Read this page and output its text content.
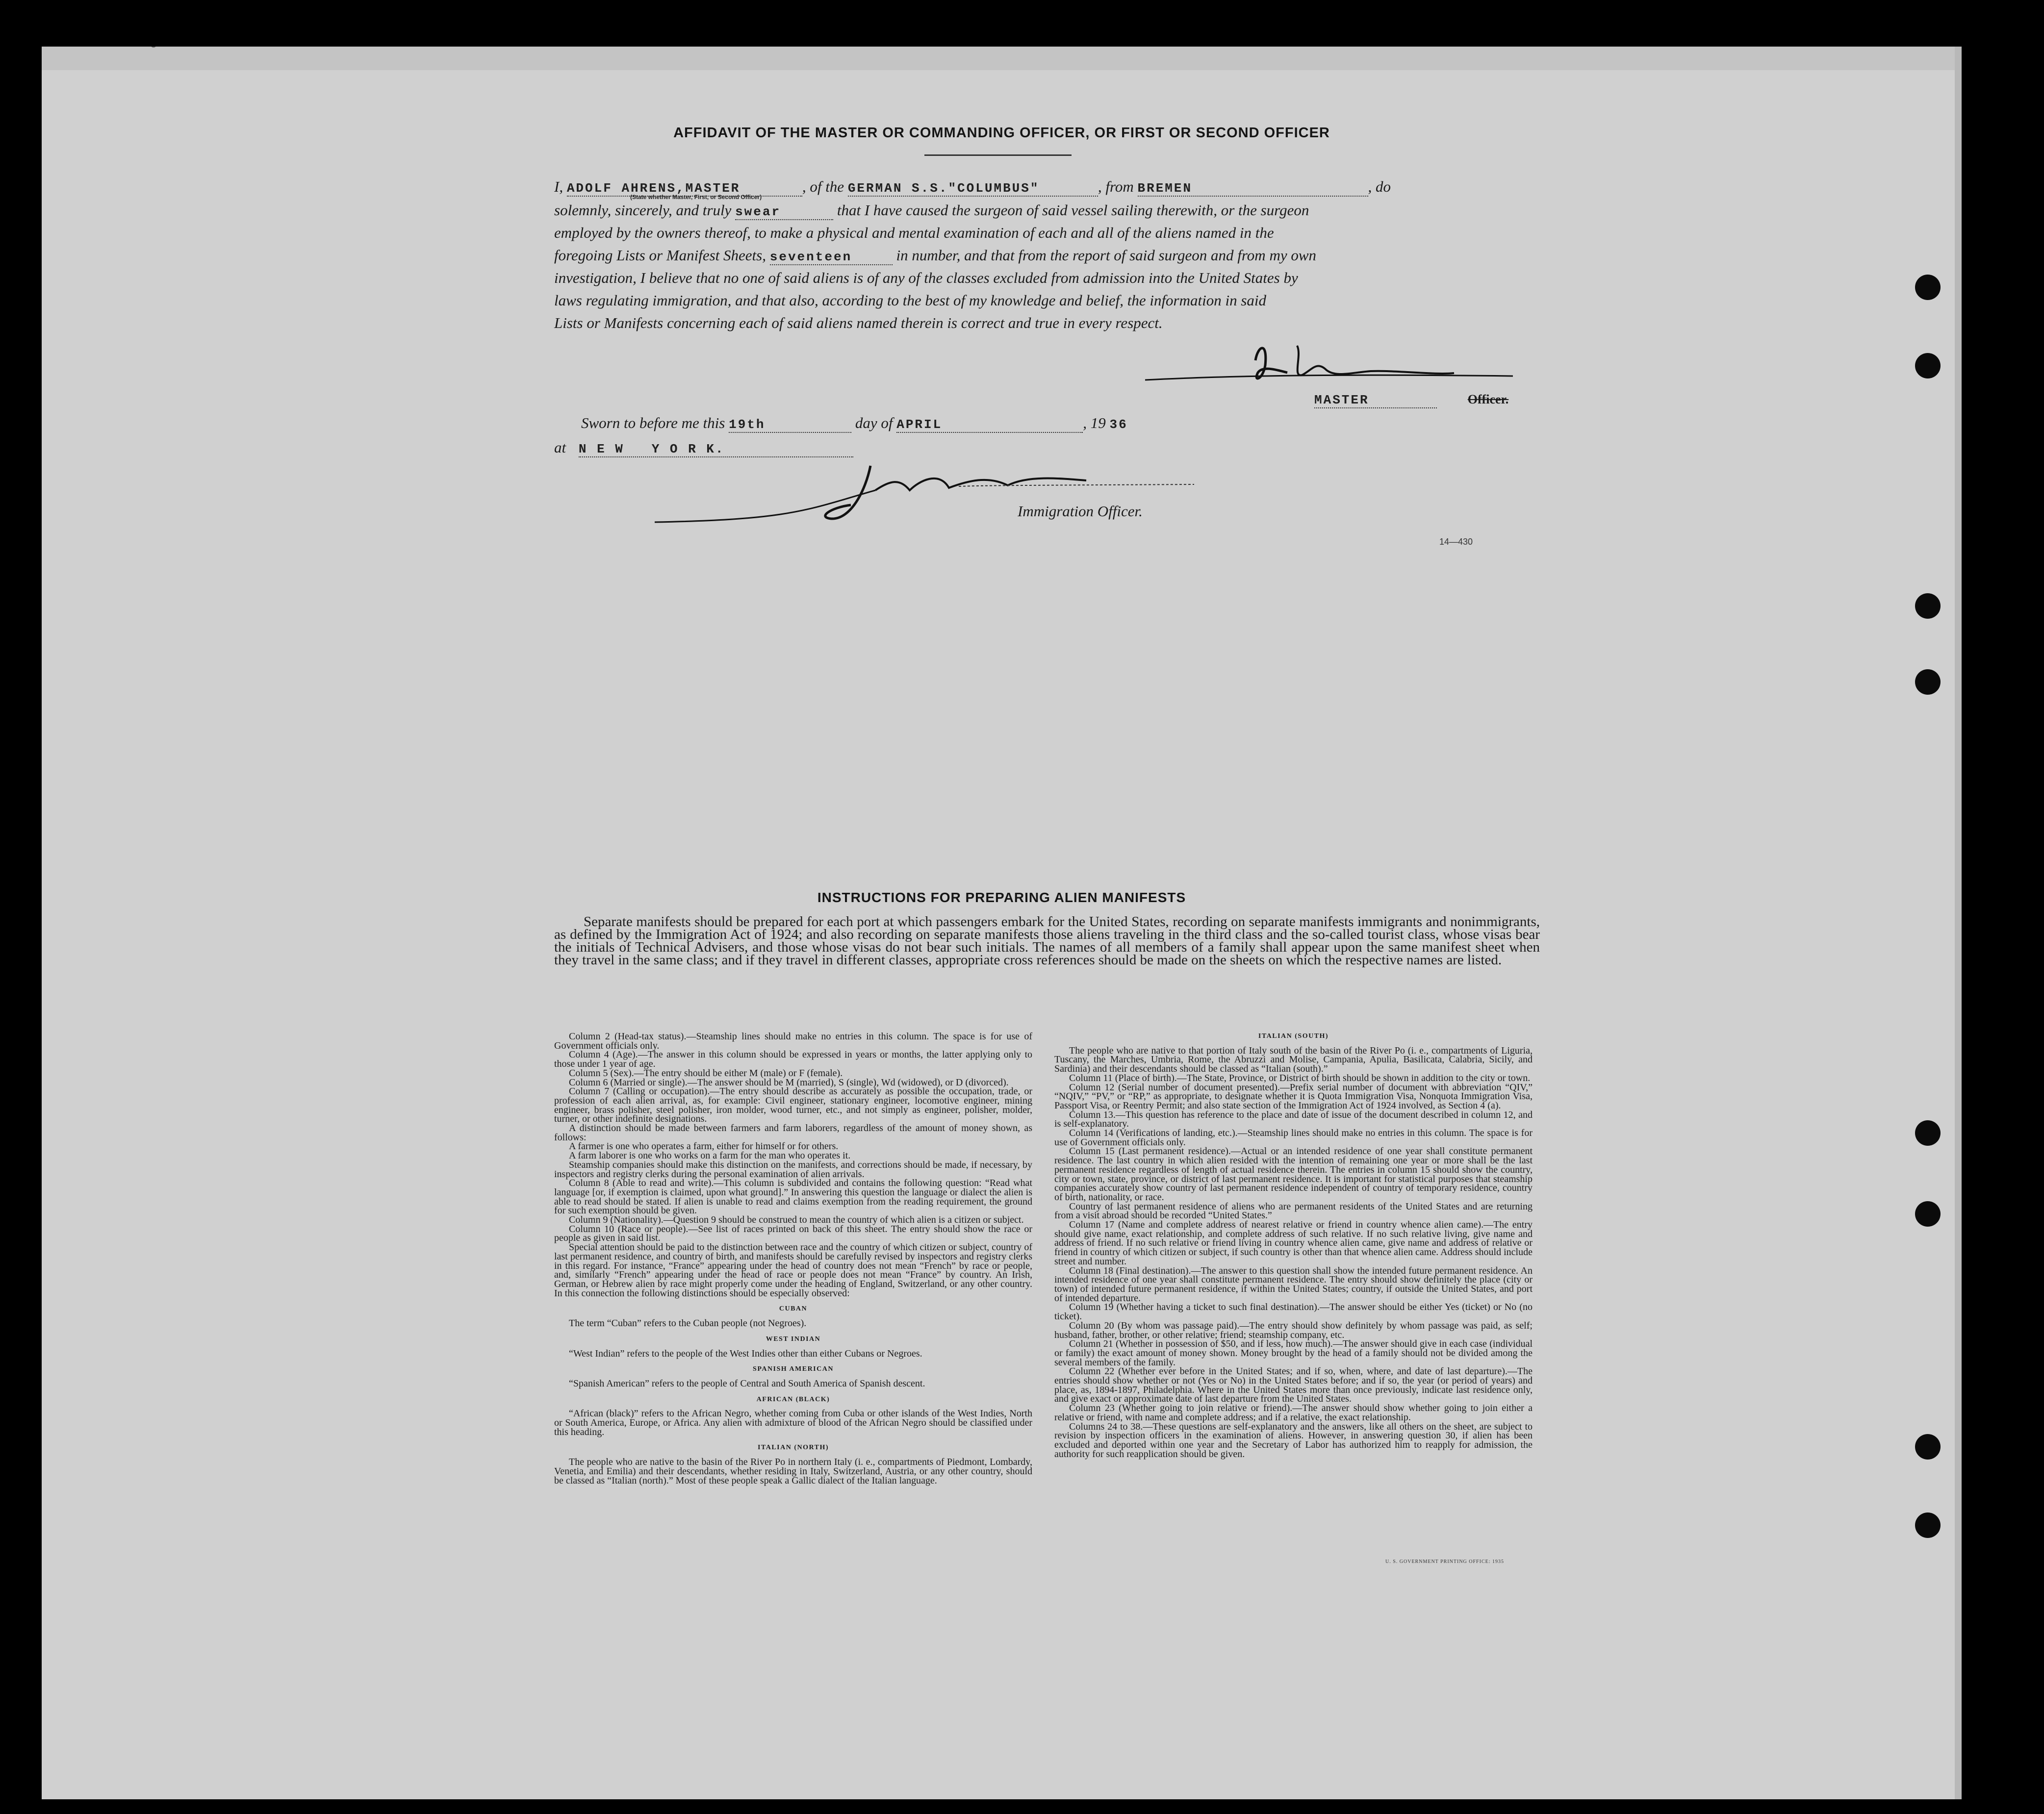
AFFIDAVIT OF THE MASTER OR COMMANDING OFFICER, OR FIRST OR SECOND OFFICER
I, ADOLF AHRENS,MASTER	, of the GERMAN S.S."COLUMBUS"	, from BREMEN	, do
(State whether Master, First, or Second Officer)
solemnly, sincerely, and truly swear	that I have caused the surgeon of said vessel sailing therewith, or the surgeon
employed by the owners thereof, to make a physical and mental examination of each and all of the aliens named in the
foregoing Lists or Manifest Sheets, seventeen	in number, and that from the report of said surgeon and from my own
investigation, I believe that no one of said aliens is of any of the classes excluded from admission into the United States by
laws regulating immigration, and that also, according to the best of my knowledge and belief, the information in said
Lists or Manifests concerning each of said aliens named therein is correct and true in every respect.
MASTER	Officer.
Sworn to before me this 19th	day of APRIL	, 19 36
at N E W   Y O R K.
Immigration Officer.
14—430
INSTRUCTIONS FOR PREPARING ALIEN MANIFESTS
Separate manifests should be prepared for each port at which passengers embark for the United States, recording on separate manifests immigrants and nonimmigrants, as defined by the Immigration Act of 1924; and also recording on separate manifests those aliens traveling in the third class and the so-called tourist class, whose visas bear the initials of Technical Advisers, and those whose visas do not bear such initials. The names of all members of a family shall appear upon the same manifest sheet when they travel in the same class; and if they travel in different classes, appropriate cross references should be made on the sheets on which the respective names are listed.

Column 2 (Head-tax status).—Steamship lines should make no entries in this column. The space is for use of Government officials only.

Column 4 (Age).—The answer in this column should be expressed in years or months, the latter applying only to those under 1 year of age.

Column 5 (Sex).—The entry should be either M (male) or F (female).

Column 6 (Married or single).—The answer should be M (married), S (single), Wd (widowed), or D (divorced).

Column 7 (Calling or occupation).—The entry should describe as accurately as possible the occupation, trade, or profession of each alien arrival, as, for example: Civil engineer, stationary engineer, locomotive engineer, mining engineer, brass polisher, steel polisher, iron molder, wood turner, etc., and not simply as engineer, polisher, molder, turner, or other indefinite designations.

A distinction should be made between farmers and farm laborers, regardless of the amount of money shown, as follows:

A farmer is one who operates a farm, either for himself or for others.

A farm laborer is one who works on a farm for the man who operates it.

Steamship companies should make this distinction on the manifests, and corrections should be made, if necessary, by inspectors and registry clerks during the personal examination of alien arrivals.

Column 8 (Able to read and write).—This column is subdivided and contains the following question: “Read what language [or, if exemption is claimed, upon what ground].” In answering this question the language or dialect the alien is able to read should be stated. If alien is unable to read and claims exemption from the reading requirement, the ground for such exemption should be given.

Column 9 (Nationality).—Question 9 should be construed to mean the country of which alien is a citizen or subject.

Column 10 (Race or people).—See list of races printed on back of this sheet. The entry should show the race or people as given in said list.

Special attention should be paid to the distinction between race and the country of which citizen or subject, country of last permanent residence, and country of birth, and manifests should be carefully revised by inspectors and registry clerks in this regard. For instance, “France” appearing under the head of country does not mean “French” by race or people, and, similarly “French” appearing under the head of race or people does not mean “France” by country. An Irish, German, or Hebrew alien by race might properly come under the heading of England, Switzerland, or any other country. In this connection the following distinctions should be especially observed:

CUBAN

The term “Cuban” refers to the Cuban people (not Negroes).

WEST INDIAN

“West Indian” refers to the people of the West Indies other than either Cubans or Negroes.

SPANISH AMERICAN

“Spanish American” refers to the people of Central and South America of Spanish descent.

AFRICAN (BLACK)

“African (black)” refers to the African Negro, whether coming from Cuba or other islands of the West Indies, North or South America, Europe, or Africa. Any alien with admixture of blood of the African Negro should be classified under this heading.

ITALIAN (NORTH)

The people who are native to the basin of the River Po in northern Italy (i. e., compartments of Piedmont, Lombardy, Venetia, and Emilia) and their descendants, whether residing in Italy, Switzerland, Austria, or any other country, should be classed as “Italian (north).” Most of these people speak a Gallic dialect of the Italian language.

ITALIAN (SOUTH)

The people who are native to that portion of Italy south of the basin of the River Po (i. e., compartments of Liguria, Tuscany, the Marches, Umbria, Rome, the Abruzzi and Molise, Campania, Apulia, Basilicata, Calabria, Sicily, and Sardinia) and their descendants should be classed as “Italian (south).”

Column 11 (Place of birth).—The State, Province, or District of birth should be shown in addition to the city or town.

Column 12 (Serial number of document presented).—Prefix serial number of document with abbreviation “QIV,” “NQIV,” “PV,” or “RP,” as appropriate, to designate whether it is Quota Immigration Visa, Nonquota Immigration Visa, Passport Visa, or Reentry Permit; and also state section of the Immigration Act of 1924 involved, as Section 4 (a).

Column 13.—This question has reference to the place and date of issue of the document described in column 12, and is self-explanatory.

Column 14 (Verifications of landing, etc.).—Steamship lines should make no entries in this column. The space is for use of Government officials only.

Column 15 (Last permanent residence).—Actual or an intended residence of one year shall constitute permanent residence. The last country in which alien resided with the intention of remaining one year or more shall be the last permanent residence regardless of length of actual residence therein. The entries in column 15 should show the country, city or town, state, province, or district of last permanent residence. It is important for statistical purposes that steamship companies accurately show country of last permanent residence independent of country of temporary residence, country of birth, nationality, or race.

Country of last permanent residence of aliens who are permanent residents of the United States and are returning from a visit abroad should be recorded “United States.”

Column 17 (Name and complete address of nearest relative or friend in country whence alien came).—The entry should give name, exact relationship, and complete address of such relative. If no such relative living, give name and address of friend. If no such relative or friend living in country whence alien came, give name and address of relative or friend in country of which citizen or subject, if such country is other than that whence alien came. Address should include street and number.

Column 18 (Final destination).—The answer to this question shall show the intended future permanent residence. An intended residence of one year shall constitute permanent residence. The entry should show definitely the place (city or town) of intended future permanent residence, if within the United States; country, if outside the United States, and port of intended departure.

Column 19 (Whether having a ticket to such final destination).—The answer should be either Yes (ticket) or No (no ticket).

Column 20 (By whom was passage paid).—The entry should show definitely by whom passage was paid, as self; husband, father, brother, or other relative; friend; steamship company, etc.

Column 21 (Whether in possession of $50, and if less, how much).—The answer should give in each case (individual or family) the exact amount of money shown. Money brought by the head of a family should not be divided among the several members of the family.

Column 22 (Whether ever before in the United States; and if so, when, where, and date of last departure).—The entries should show whether or not (Yes or No) in the United States before; and if so, the year (or period of years) and place, as, 1894-1897, Philadelphia. Where in the United States more than once previously, indicate last residence only, and give exact or approximate date of last departure from the United States.

Column 23 (Whether going to join relative or friend).—The answer should show whether going to join either a relative or friend, with name and complete address; and if a relative, the exact relationship.

Columns 24 to 38.—These questions are self-explanatory and the answers, like all others on the sheet, are subject to revision by inspection officers in the examination of aliens. However, in answering question 30, if alien has been excluded and deported within one year and the Secretary of Labor has authorized him to reapply for admission, the authority for such reapplication should be given.

U. S. GOVERNMENT PRINTING OFFICE: 1935
